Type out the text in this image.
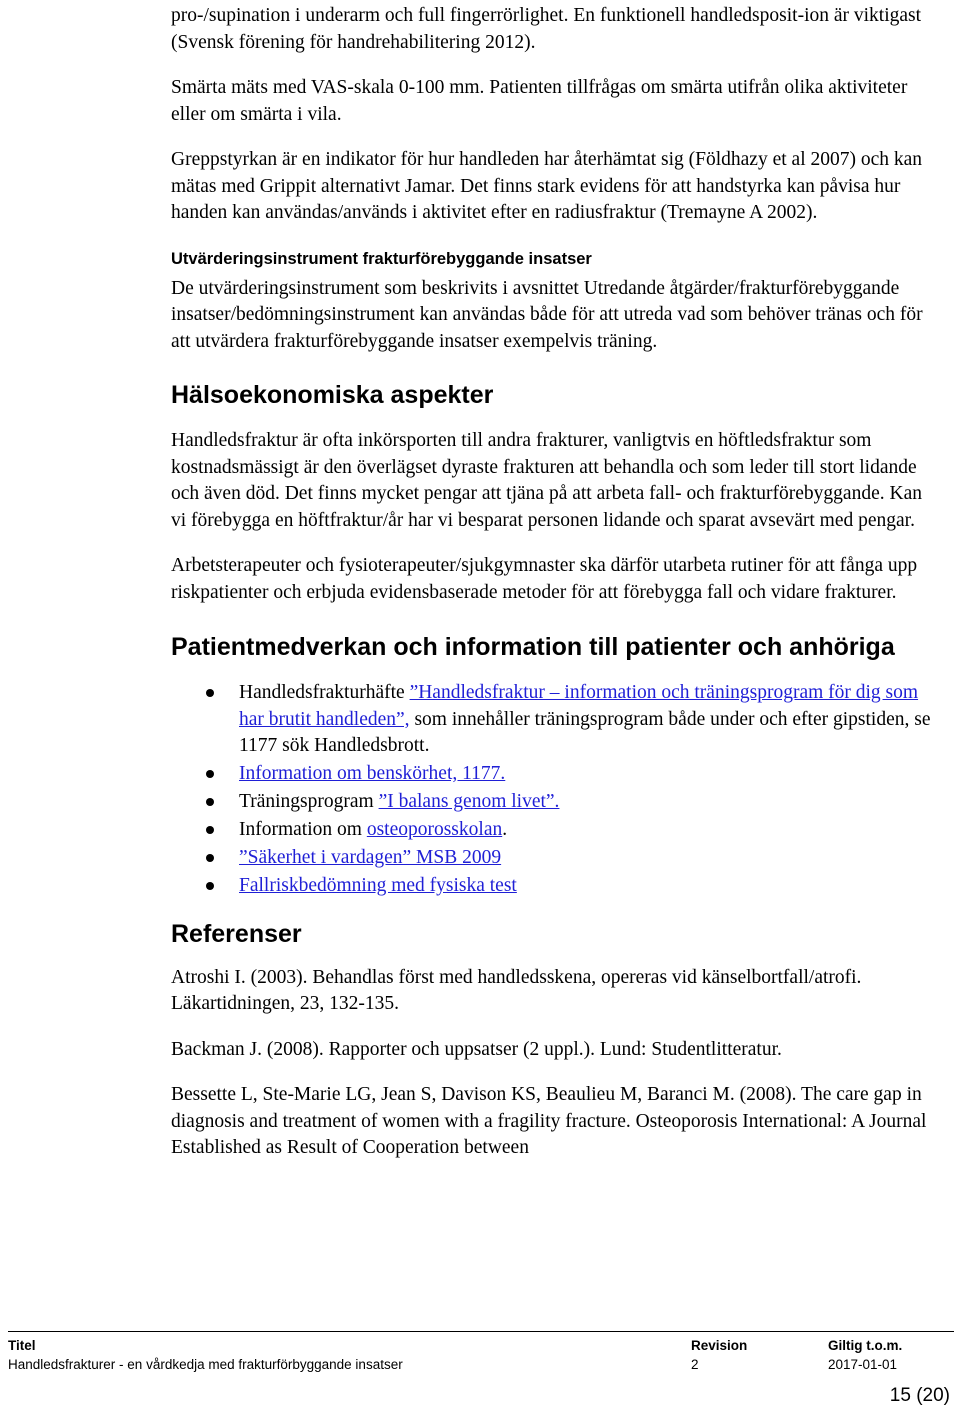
pro-/supination i underarm och full fingerrörlighet. En funktionell handledsposit-ion är viktigast (Svensk förening för handrehabilitering 2012).

Smärta mäts med VAS-skala 0-100 mm. Patienten tillfrågas om smärta utifrån olika aktiviteter eller om smärta i vila.

Greppstyrkan är en indikator för hur handleden har återhämtat sig (Földhazy et al 2007) och kan mätas med Grippit alternativt Jamar. Det finns stark evidens för att handstyrka kan påvisa hur handen kan användas/används i aktivitet efter en radiusfraktur (Tremayne A 2002).

Utvärderingsinstrument frakturförebyggande insatser

De utvärderingsinstrument som beskrivits i avsnittet Utredande åtgärder/frakturförebyggande insatser/bedömningsinstrument kan användas både för att utreda vad som behöver tränas och för att utvärdera frakturförebyggande insatser exempelvis träning.

Hälsoekonomiska aspekter

Handledsfraktur är ofta inkörsporten till andra frakturer, vanligtvis en höftledsfraktur som kostnadsmässigt är den överlägset dyraste frakturen att behandla och som leder till stort lidande och även död. Det finns mycket pengar att tjäna på att arbeta fall- och frakturförebyggande. Kan vi förebygga en höftfraktur/år har vi besparat personen lidande och sparat avsevärt med pengar.

Arbetsterapeuter och fysioterapeuter/sjukgymnaster ska därför utarbeta rutiner för att fånga upp riskpatienter och erbjuda evidensbaserade metoder för att förebygga fall och vidare frakturer.

Patientmedverkan och information till patienter och anhöriga
Handledsfrakturhäfte ”Handledsfraktur – information och träningsprogram för dig som har brutit handleden”, som innehåller träningsprogram både under och efter gipstiden, se 1177 sök Handledsbrott.
Information om benskörhet, 1177.
Träningsprogram ”I balans genom livet”.
Information om osteoporosskolan.
”Säkerhet i vardagen” MSB 2009
Fallriskbedömning med fysiska test
Referenser

Atroshi I. (2003). Behandlas först med handledsskena, opereras vid känselbortfall/atrofi. Läkartidningen, 23, 132-135.

Backman J. (2008). Rapporter och uppsatser (2 uppl.). Lund: Studentlitteratur.

Bessette L, Ste-Marie LG, Jean S, Davison KS, Beaulieu M, Baranci M. (2008). The care gap in diagnosis and treatment of women with a fragility fracture. Osteoporosis International: A Journal Established as Result of Cooperation between

Titel	Revision	Giltig t.o.m.
Handledsfrakturer - en vårdkedja med frakturförbyggande insatser	2	2017-01-01
15 (20)
